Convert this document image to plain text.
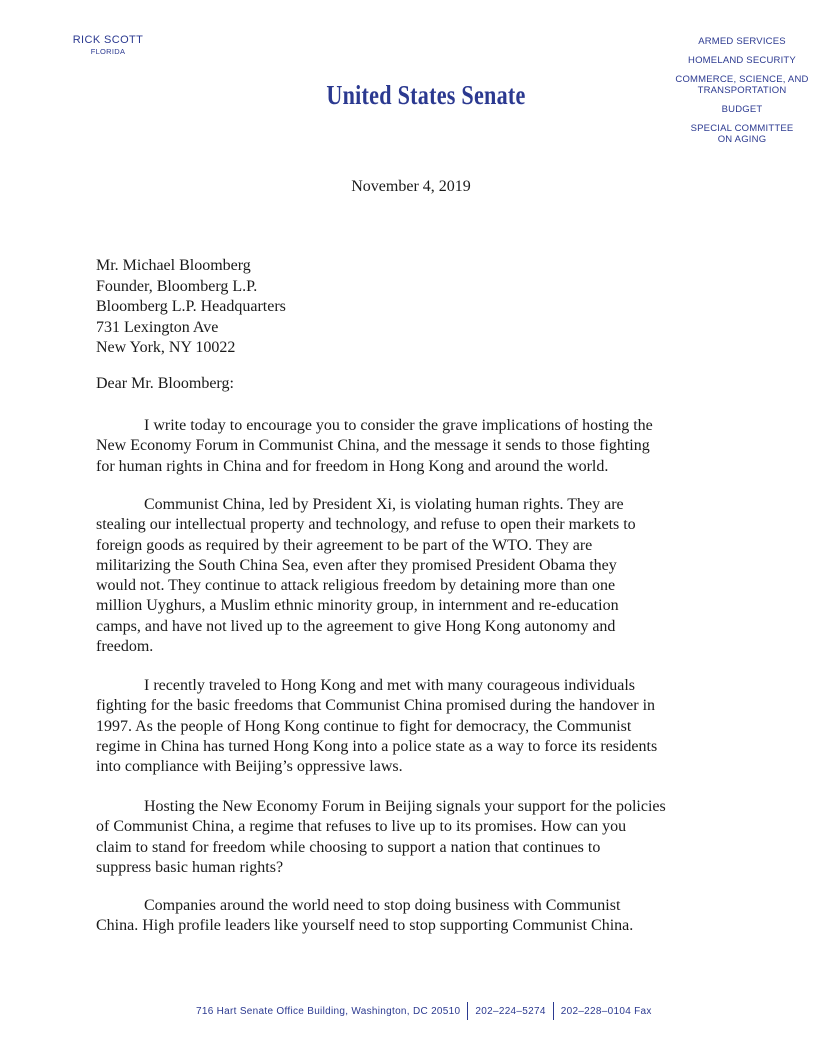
RICK SCOTT
FLORIDA
United States Senate
ARMED SERVICES
HOMELAND SECURITY
COMMERCE, SCIENCE, AND
TRANSPORTATION
BUDGET
SPECIAL COMMITTEE
ON AGING
November 4, 2019
Mr. Michael Bloomberg
Founder, Bloomberg L.P.
Bloomberg L.P. Headquarters
731 Lexington Ave
New York, NY 10022
Dear Mr. Bloomberg:
I write today to encourage you to consider the grave implications of hosting the
New Economy Forum in Communist China, and the message it sends to those fighting
for human rights in China and for freedom in Hong Kong and around the world.
Communist China, led by President Xi, is violating human rights. They are
stealing our intellectual property and technology, and refuse to open their markets to
foreign goods as required by their agreement to be part of the WTO. They are
militarizing the South China Sea, even after they promised President Obama they
would not. They continue to attack religious freedom by detaining more than one
million Uyghurs, a Muslim ethnic minority group, in internment and re-education
camps, and have not lived up to the agreement to give Hong Kong autonomy and
freedom.
I recently traveled to Hong Kong and met with many courageous individuals
fighting for the basic freedoms that Communist China promised during the handover in
1997. As the people of Hong Kong continue to fight for democracy, the Communist
regime in China has turned Hong Kong into a police state as a way to force its residents
into compliance with Beijing’s oppressive laws.
Hosting the New Economy Forum in Beijing signals your support for the policies
of Communist China, a regime that refuses to live up to its promises. How can you
claim to stand for freedom while choosing to support a nation that continues to
suppress basic human rights?
Companies around the world need to stop doing business with Communist
China. High profile leaders like yourself need to stop supporting Communist China.
716 Hart Senate Office Building, Washington, DC 20510 202–224–5274 202–228–0104 Fax
